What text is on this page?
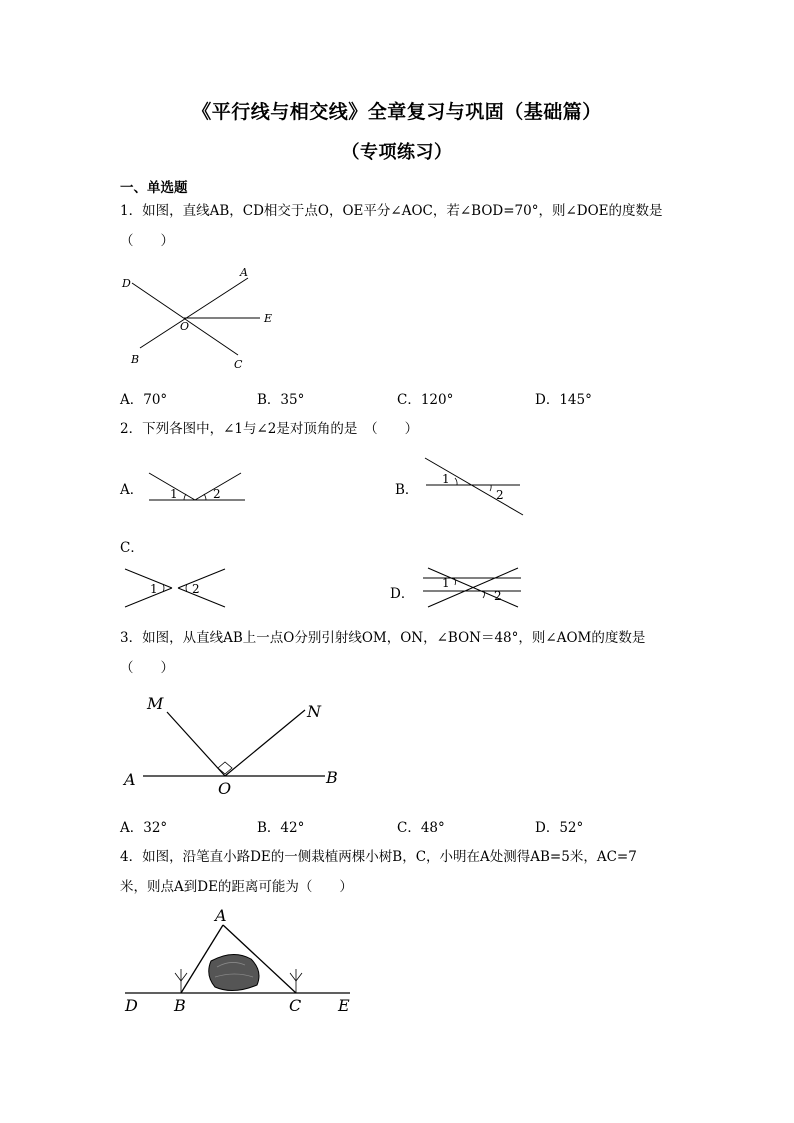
《平行线与相交线》全章复习与巩固（基础篇）
（专项练习）
一、单选题
1．如图，直线AB，CD相交于点O，OE平分∠AOC，若∠BOD=70°，则∠DOE的度数是
（　　）
D
A
O
E
B	C
A．70°	B．35°	C．120°	D．145°
2．下列各图中，∠1与∠2是对顶角的是　（　　）
A． 1	2	B．
1
2
C．
1	2	D．
1
2
3．如图，从直线AB上一点O分别引射线OM，ON，∠BON＝48°，则∠AOM的度数是
（　　）
M	N
A	B
O
A．32°	B．42°	C．48°	D．52°
4．如图，沿笔直小路DE的一侧栽植两棵小树B，C，小明在A处测得AB=5米，AC=7
米，则点A到DE的距离可能为（　　）
A
D B	C E
